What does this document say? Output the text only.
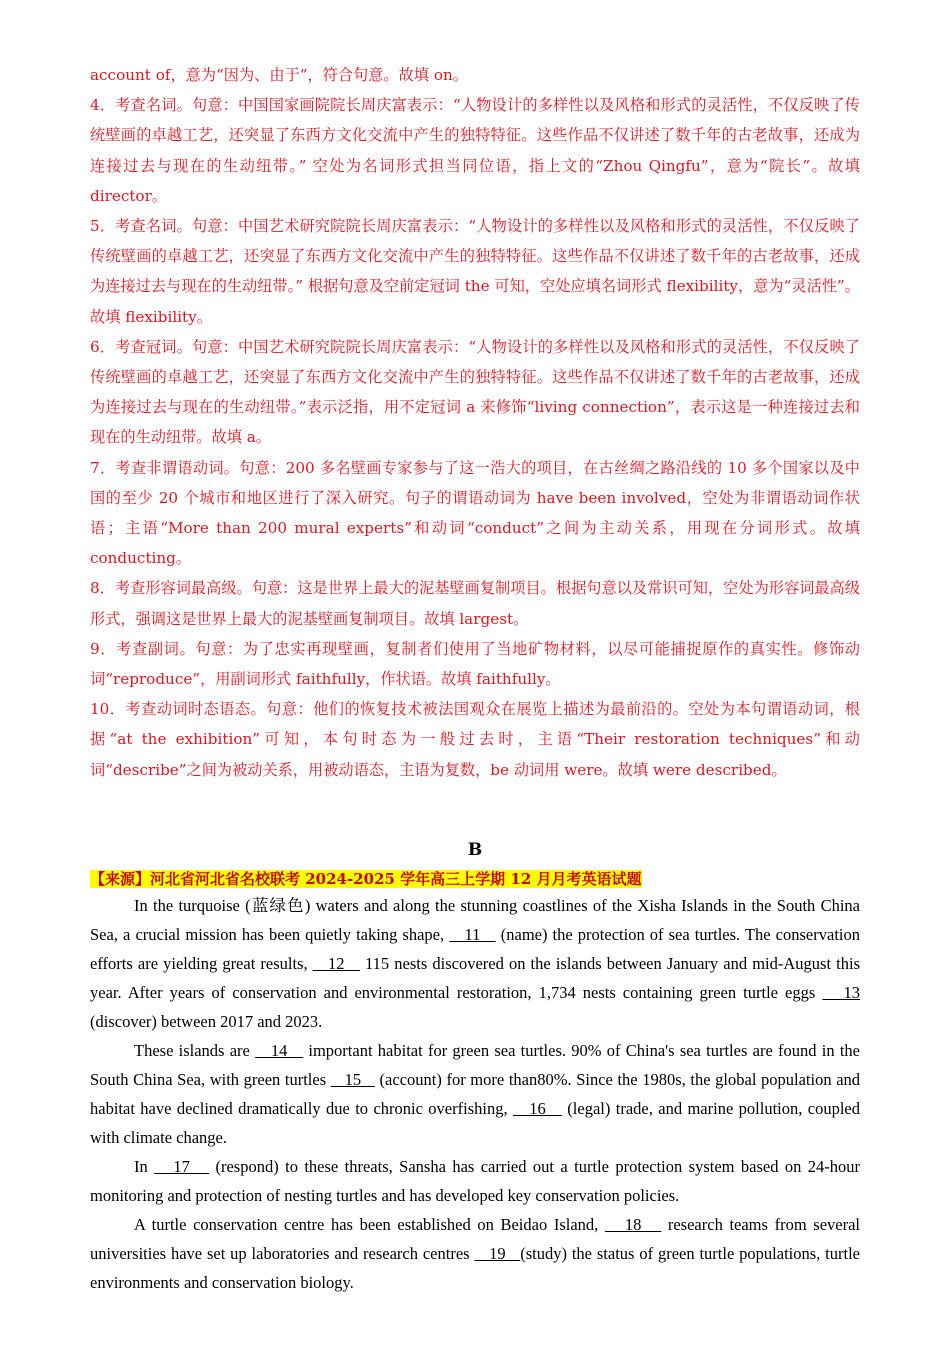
account of，意为“因为、由于”，符合句意。故填 on。

4．考查名词。句意：中国国家画院院长周庆富表示：“人物设计的多样性以及风格和形式的灵活性，不仅反映了传统壁画的卓越工艺，还突显了东西方文化交流中产生的独特特征。这些作品不仅讲述了数千年的古老故事，还成为连接过去与现在的生动纽带。” 空处为名词形式担当同位语，指上文的“Zhou Qingfu”，意为“院长”。故填 director。

5．考查名词。句意：中国艺术研究院院长周庆富表示：“人物设计的多样性以及风格和形式的灵活性，不仅反映了传统壁画的卓越工艺，还突显了东西方文化交流中产生的独特特征。这些作品不仅讲述了数千年的古老故事，还成为连接过去与现在的生动纽带。” 根据句意及空前定冠词 the 可知，空处应填名词形式 flexibility，意为“灵活性”。故填 flexibility。

6．考查冠词。句意：中国艺术研究院院长周庆富表示：“人物设计的多样性以及风格和形式的灵活性，不仅反映了传统壁画的卓越工艺，还突显了东西方文化交流中产生的独特特征。这些作品不仅讲述了数千年的古老故事，还成为连接过去与现在的生动纽带。”表示泛指，用不定冠词 a 来修饰“living connection”，表示这是一种连接过去和现在的生动纽带。故填 a。

7．考查非谓语动词。句意：200 多名壁画专家参与了这一浩大的项目，在古丝绸之路沿线的 10 多个国家以及中国的至少 20 个城市和地区进行了深入研究。句子的谓语动词为 have been involved，空处为非谓语动词作状语；主语“More than 200 mural experts”和动词“conduct”之间为主动关系，用现在分词形式。故填 conducting。

8．考查形容词最高级。句意：这是世界上最大的泥基壁画复制项目。根据句意以及常识可知，空处为形容词最高级形式，强调这是世界上最大的泥基壁画复制项目。故填 largest。

9．考查副词。句意：为了忠实再现壁画，复制者们使用了当地矿物材料，以尽可能捕捉原作的真实性。修饰动词“reproduce”，用副词形式 faithfully，作状语。故填 faithfully。

10．考查动词时态语态。句意：他们的恢复技术被法国观众在展览上描述为最前沿的。空处为本句谓语动词，根据“at the exhibition”可知，本句时态为一般过去时，主语“Their restoration techniques”和动词“describe”之间为被动关系，用被动语态，主语为复数，be 动词用 were。故填 were described。

B

【来源】河北省河北省名校联考 2024-2025 学年高三上学期 12 月月考英语试题

In the turquoise (蓝绿色) waters and along the stunning coastlines of the Xisha Islands in the South China Sea, a crucial mission has been quietly taking shape,    11    (name) the protection of sea turtles. The conservation efforts are yielding great results,    12    115 nests discovered on the islands between January and mid-August this year. After years of conservation and environmental restoration, 1,734 nests containing green turtle eggs    13 (discover) between 2017 and 2023.

These islands are    14    important habitat for green sea turtles. 90% of China's sea turtles are found in the South China Sea, with green turtles    15    (account) for more than80%. Since the 1980s, the global population and habitat have declined dramatically due to chronic overfishing,    16    (legal) trade, and marine pollution, coupled with climate change.

In    17    (respond) to these threats, Sansha has carried out a turtle protection system based on 24-hour monitoring and protection of nesting turtles and has developed key conservation policies.

A turtle conservation centre has been established on Beidao Island,    18    research teams from several universities have set up laboratories and research centres    19   (study) the status of green turtle populations, turtle environments and conservation biology.
